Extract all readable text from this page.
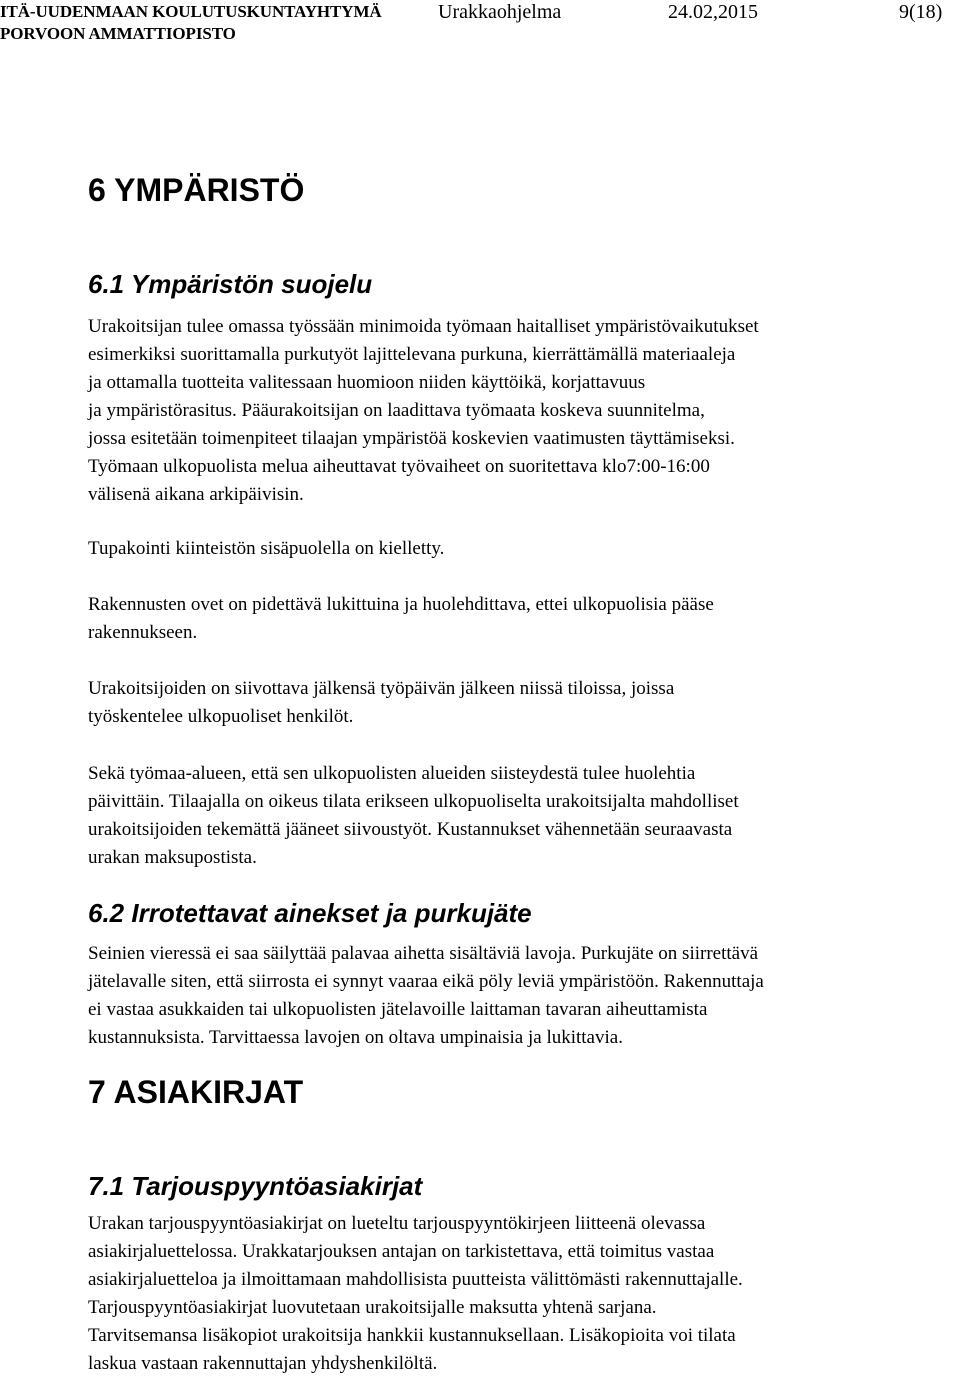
ITÄ-UUDENMAAN KOULUTUSKUNTAYHTYMÄ
PORVOON AMMATTIOPISTO
Urakkaohjelma	24.02,2015	9(18)
6 YMPÄRISTÖ
6.1 Ympäristön suojelu
Urakoitsijan tulee omassa työssään minimoida työmaan haitalliset ympäristövaikutukset
esimerkiksi suorittamalla purkutyöt lajittelevana purkuna, kierrättämällä materiaaleja
ja ottamalla tuotteita valitessaan huomioon niiden käyttöikä, korjattavuus
ja ympäristörasitus. Pääurakoitsijan on laadittava työmaata koskeva suunnitelma,
jossa esitetään toimenpiteet tilaajan ympäristöä koskevien vaatimusten täyttämiseksi.
Työmaan ulkopuolista melua aiheuttavat työvaiheet on suoritettava klo7:00-16:00
välisenä aikana arkipäivisin.
Tupakointi kiinteistön sisäpuolella on kielletty.
Rakennusten ovet on pidettävä lukittuina ja huolehdittava, ettei ulkopuolisia pääse
rakennukseen.
Urakoitsijoiden on siivottava jälkensä työpäivän jälkeen niissä tiloissa, joissa
työskentelee ulkopuoliset henkilöt.
Sekä työmaa-alueen, että sen ulkopuolisten alueiden siisteydestä tulee huolehtia
päivittäin. Tilaajalla on oikeus tilata erikseen ulkopuoliselta urakoitsijalta mahdolliset
urakoitsijoiden tekemättä jääneet siivoustyöt. Kustannukset vähennetään seuraavasta
urakan maksupostista.
6.2 Irrotettavat ainekset ja purkujäte
Seinien vieressä ei saa säilyttää palavaa aihetta sisältäviä lavoja. Purkujäte on siirrettävä
jätelavalle siten, että siirrosta ei synnyt vaaraa eikä pöly leviä ympäristöön. Rakennuttaja
ei vastaa asukkaiden tai ulkopuolisten jätelavoille laittaman tavaran aiheuttamista
kustannuksista. Tarvittaessa lavojen on oltava umpinaisia ja lukittavia.
7 ASIAKIRJAT
7.1 Tarjouspyyntöasiakirjat
Urakan tarjouspyyntöasiakirjat on lueteltu tarjouspyyntökirjeen liitteenä olevassa
asiakirjaluettelossa. Urakkatarjouksen antajan on tarkistettava, että toimitus vastaa
asiakirjaluetteloa ja ilmoittamaan mahdollisista puutteista välittömästi rakennuttajalle.
Tarjouspyyntöasiakirjat luovutetaan urakoitsijalle maksutta yhtenä sarjana.
Tarvitsemansa lisäkopiot urakoitsija hankkii kustannuksellaan. Lisäkopioita voi tilata
laskua vastaan rakennuttajan yhdyshenkilöltä.
